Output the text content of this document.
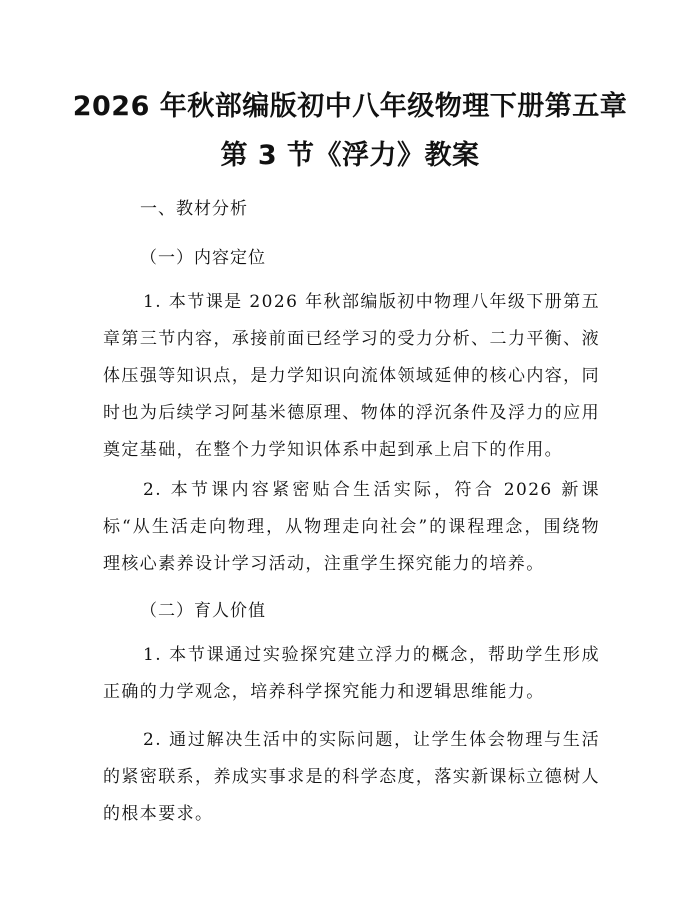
2026 年秋部编版初中八年级物理下册第五章
第 3 节《浮力》教案
一、教材分析
（一）内容定位
1. 本节课是 2026 年秋部编版初中物理八年级下册第五章第三节内容，承接前面已经学习的受力分析、二力平衡、液体压强等知识点，是力学知识向流体领域延伸的核心内容，同时也为后续学习阿基米德原理、物体的浮沉条件及浮力的应用奠定基础，在整个力学知识体系中起到承上启下的作用。
2. 本节课内容紧密贴合生活实际，符合 2026 新课标“从生活走向物理，从物理走向社会”的课程理念，围绕物理核心素养设计学习活动，注重学生探究能力的培养。
（二）育人价值
1. 本节课通过实验探究建立浮力的概念，帮助学生形成正确的力学观念，培养科学探究能力和逻辑思维能力。
2. 通过解决生活中的实际问题，让学生体会物理与生活的紧密联系，养成实事求是的科学态度，落实新课标立德树人的根本要求。
